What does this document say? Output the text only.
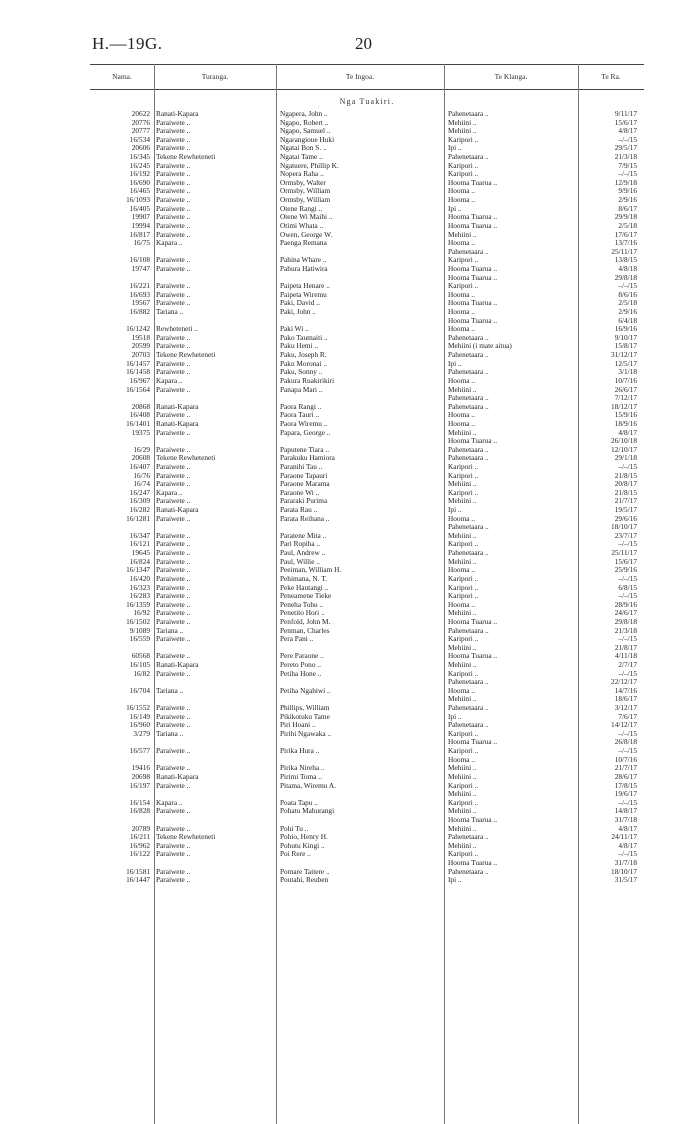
H.—19G.	20
Nama.	Turanga.	Te Ingoa.	Te Klanga.	Te Ra.
Nga Tuakiri.
20622 Ranati-Kapara	Ngapera, John ..	Pahenetaara ..	9/11/17
20776 Paraiwete ..	Ngapo, Robert ..	Mehiini ..	15/6/17
20777 Paraiwete ..	Ngapo, Samuel ..	Mehiini ..	4/8/17
16/534 Paraiwete ..	Ngarangioue Huki	Karipori ..	–/–/15
20606 Paraiwete ..	Ngatai Bon S. ..	Ipi ..	29/5/17
16/345 Tekene Rewheteneti	Ngatai Tame ..	Pahenetaara ..	21/3/18
16/245 Paraiwete ..	Ngatuere, Phillip K.	Karipori ..	7/9/15
16/192 Paraiwete ..	Nopera Raha ..	Karipori ..	–/–/15
16/690 Paraiwete ..	Ormsby, Walter	Hooma Tuarua ..	12/9/18
16/465 Paraiwete ..	Ormsby, William	Hooma ..	9/9/16
16/1093 Paraiwete ..	Ormsby, William	Hooma ..	2/9/16
16/405 Paraiwete ..	Otene Rangi ..	Ipi ..	8/6/17
19907 Paraiwete ..	Otene Wi Maihi ..	Hooma Tuarua ..	29/9/18
19994 Paraiwete ..	Otimi Whata ..	Hooma Tuarua ..	2/5/18
16/817 Paraiwete ..	Owen, George W.	Mehiini ..	17/6/17
16/75 Kapara ..	Paenga Remana	Hooma ..	13/7/16
Pahenetaara ..	25/11/17
16/108 Paraiwete ..	Pahina Whare ..	Karipori ..	13/8/15
19747 Paraiwete ..	Pahura Hatiwira	Hooma Tuarua ..	4/8/18
Hooma Tuarua ..	29/8/18
16/221 Paraiwete ..	Paipeta Henare ..	Karipori ..	–/–/15
16/693 Paraiwete ..	Paipeta Wiremu	Hooma ..	8/6/16
19567 Paraiwete ..	Paki, David ..	Hooma Tuarua ..	2/5/18
16/882 Tariana ..	Paki, John ..	Hooma ..	2/9/16
Hooma Tuarua ..	6/4/18
16/1242 Rewheteneti ..	Paki Wi ..	Hooma ..	16/9/16
19518 Paraiwete ..	Pako Taumaiti ..	Pahenetaara ..	9/10/17
20599 Paraiwete ..	Paku Hemi ..	Mehiini (i mate aitua)	15/8/17
20703 Tekene Rewheteneti	Paku, Joseph R.	Pahenetaara ..	31/12/17
16/1457 Paraiwete ..	Paku Moronai ..	Ipi ..	12/5/17
16/1458 Paraiwete ..	Paku, Sonny ..	Pahenetaara ..	3/1/18
16/967 Kapara ..	Pakura Ruakirikiri	Hooma ..	10/7/16
16/1564 Paraiwete ..	Panapa Mari ..	Mehiini ..	26/6/17
Pahenetaara ..	7/12/17
20868 Ranati-Kapara	Paora Rangi ..	Pahenetaara ..	18/12/17
16/408 Paraiwete ..	Paora Tauri ..	Hooma ..	15/9/16
16/1401 Ranati-Kapara	Paora Wiremu ..	Hooma ..	18/9/16
19375 Paraiwete ..	Papara, George ..	Mehiini ..	4/8/17
Hooma Tuarua ..	26/10/18
16/29 Paraiwete ..	Paputene Tiara ..	Pahenetaara ..	12/10/17
20608 Tekene Rewheteneti	Parakuku Hamiora	Pahenetaara ..	29/1/18
16/407 Paraiwete ..	Paranihi Tau ..	Karipori ..	–/–/15
16/76 Paraiwete ..	Paraone Tapauri	Karipori ..	21/8/15
16/74 Paraiwete ..	Paraone Marama	Mehiini ..	20/8/17
16/247 Kapara ..	Paraone Wi ..	Karipori ..	21/8/15
16/309 Paraiwete ..	Pararaki Purima	Mehiini ..	21/7/17
16/282 Ranati-Kapara	Parata Rau ..	Ipi ..	19/5/17
16/1281 Paraiwete ..	Parata Reihana ..	Hooma ..	29/6/16
Pahenetaara ..	18/10/17
16/347 Paraiwete ..	Paratene Mita ..	Mehiini ..	23/7/17
16/121 Paraiwete ..	Pari Ropiha ..	Karipori ..	–/–/15
19645 Paraiwete ..	Paul, Andrew ..	Pahenetaara ..	25/11/17
16/824 Paraiwete ..	Paul, Willie ..	Mehiini ..	15/6/17
16/1347 Paraiwete ..	Peeiman, William H.	Hooma ..	25/9/16
16/420 Paraiwete ..	Pehimana, N. T.	Karipori ..	–/–/15
16/323 Paraiwete ..	Peke Hautangi ..	Karipori ..	6/8/15
16/283 Paraiwete ..	Peneamene Tieke	Karipori ..	–/–/15
16/1359 Paraiwete ..	Peneha Tohu ..	Hooma ..	28/9/16
16/92 Paraiwete ..	Penetito Hori ..	Mehiini ..	24/6/17
16/1502 Paraiwete ..	Penfold, John M.	Hooma Tuarua ..	29/8/18
9/1089 Tariana ..	Penman, Charles	Pahenetaara ..	21/3/18
16/559 Paraiwete ..	Pera Pani ..	Karipori ..	–/–/15
Mehiini ..	21/8/17
60568 Paraiwete ..	Pere Paraone ..	Hooma Tuarua ..	4/11/18
16/105 Ranati-Kapara	Pereto Pono ..	Mehiini ..	2/7/17
16/82 Paraiwete ..	Petiha Hone ..	Karipori ..	–/–/15
Pahenetaara ..	22/12/17
16/704 Tariana ..	Petiha Ngahiwi ..	Hooma ..	14/7/16
Mehiini ..	18/6/17
16/1552 Paraiwete ..	Phillips, William	Pahenetaara ..	3/12/17
16/149 Paraiwete ..	Pikikotuku Tame	Ipi ..	7/6/17
16/960 Paraiwete ..	Piri Hoani ..	Pahenetaara ..	14/12/17
3/279 Tariana ..	Pirihi Ngawaka ..	Karipori ..	–/–/15
Hooma Tuarua ..	26/8/18
16/577 Paraiwete ..	Pirika Hura ..	Karipori ..	–/–/15
Hooma ..	10/7/16
19416 Paraiwete ..	Pirika Nireha ..	Mehiini ..	21/7/17
20698 Ranati-Kapara	Pirimi Toma ..	Mehiini ..	28/6/17
16/197 Paraiwete ..	Pitama, Wiremu A.	Karipori ..	17/8/15
Mehiini ..	19/6/17
16/154 Kapara ..	Poata Tapu ..	Karipori ..	–/–/15
16/828 Paraiwete ..	Pohatu Mahurangi	Mehiini ..	14/8/17
Hooma Tuarua ..	31/7/18
20789 Paraiwete ..	Pohi Tu ..	Mehiini ..	4/8/17
16/211 Tekene Rewheteneti	Pohio, Henry H.	Pahenetaara ..	24/11/17
16/962 Paraiwete ..	Pohutu Kingi ..	Mehiini ..	4/8/17
16/122 Paraiwete ..	Poi Rere ..	Karipori ..	–/–/15
Hooma Tuarua ..	31/7/18
16/1581 Paraiwete ..	Pomare Taitere ..	Pahenetaara ..	18/10/17
16/1447 Paraiwete ..	Poutahi, Reuben	Ipi ..	31/5/17
